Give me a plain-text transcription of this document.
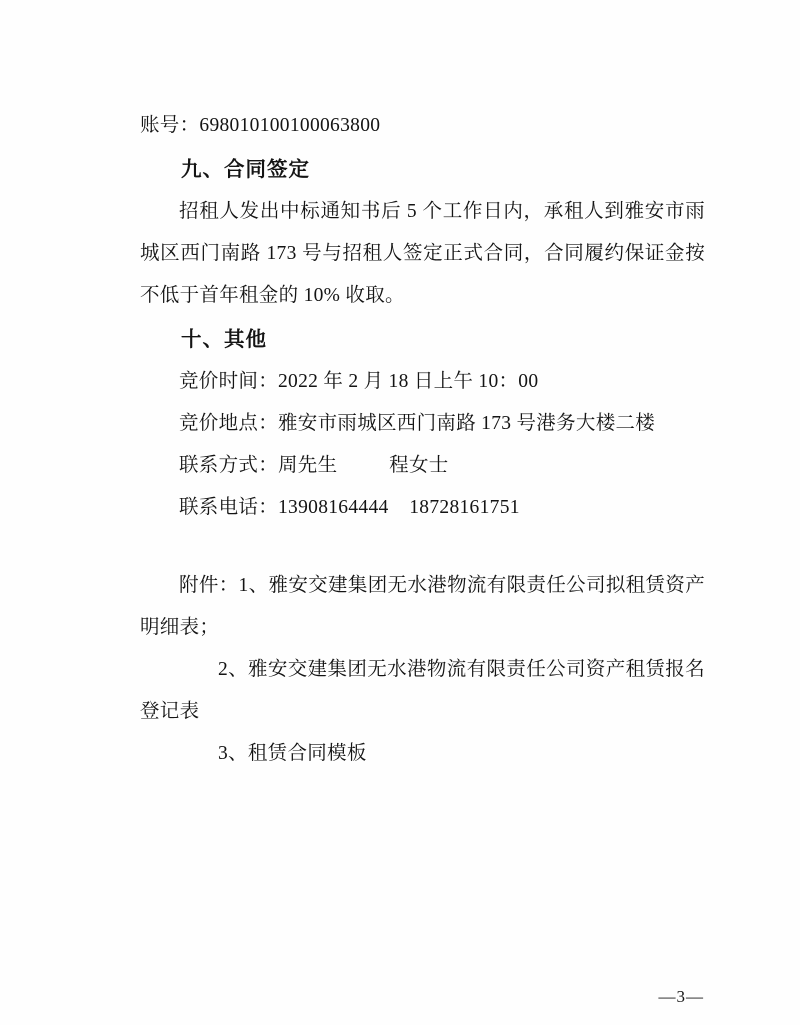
账号：698010100100063800
九、合同签定
招租人发出中标通知书后 5 个工作日内，承租人到雅安市雨城区西门南路 173 号与招租人签定正式合同，合同履约保证金按不低于首年租金的 10% 收取。
十、其他
竞价时间：2022 年 2 月 18 日上午 10：00
竞价地点：雅安市雨城区西门南路 173 号港务大楼二楼
联系方式：周先生          程女士
联系电话：13908164444    18728161751
附件：1、雅安交建集团无水港物流有限责任公司拟租赁资产明细表；
2、雅安交建集团无水港物流有限责任公司资产租赁报名登记表
3、租赁合同模板
—3—
